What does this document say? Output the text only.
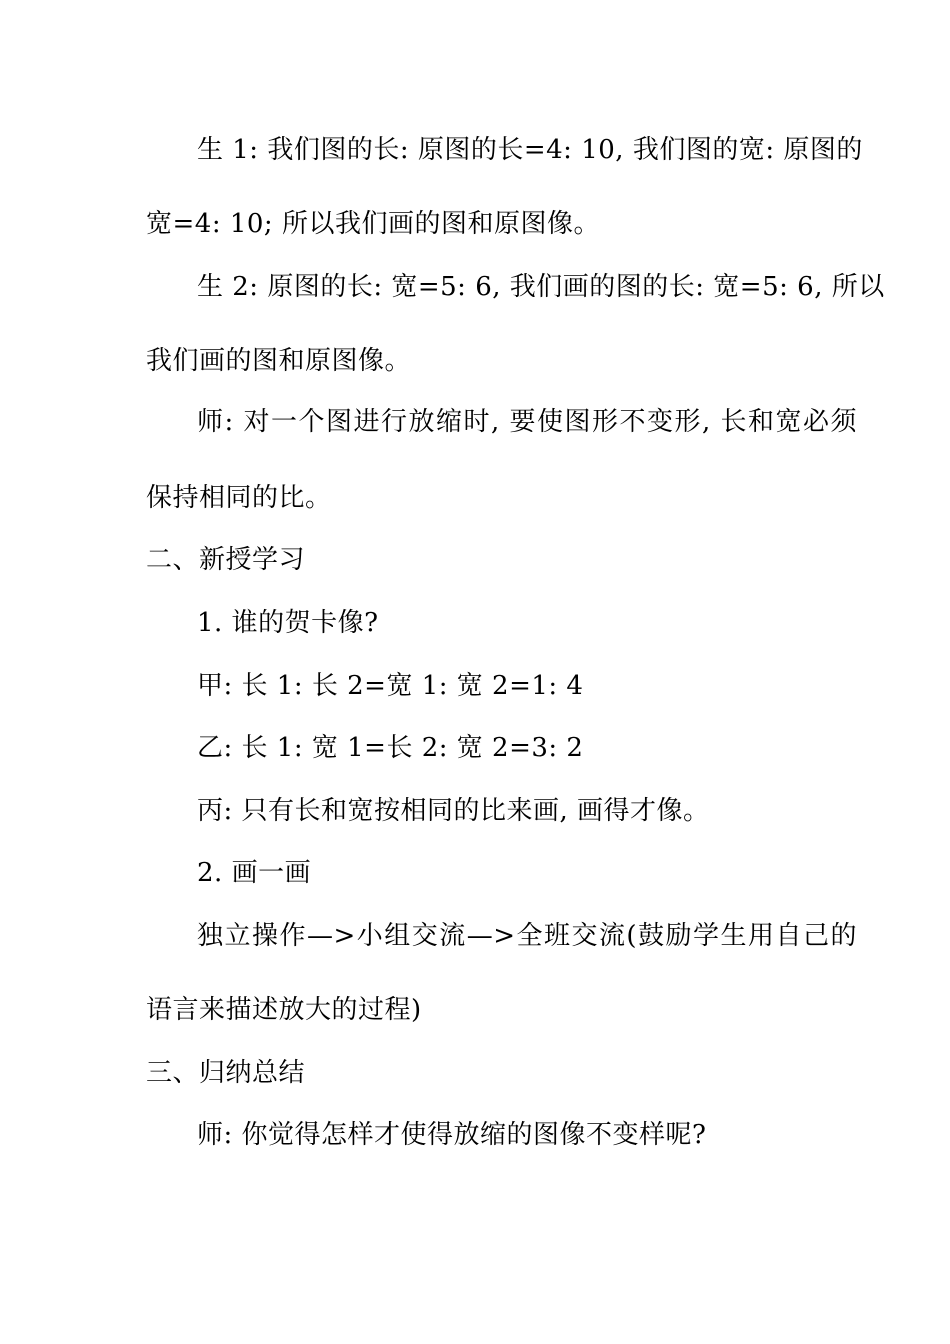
生 1: 我们图的长: 原图的长=4: 10, 我们图的宽: 原图的
宽=4: 10; 所以我们画的图和原图像。
生 2: 原图的长: 宽=5: 6, 我们画的图的长: 宽=5: 6, 所以
我们画的图和原图像。
师: 对一个图进行放缩时, 要使图形不变形, 长和宽必须
保持相同的比。
二、新授学习
1. 谁的贺卡像?
甲: 长 1: 长 2=宽 1: 宽 2=1: 4
乙: 长 1: 宽 1=长 2: 宽 2=3: 2
丙: 只有长和宽按相同的比来画, 画得才像。
2. 画一画
独立操作—>小组交流—>全班交流(鼓励学生用自己的
语言来描述放大的过程)
三、归纳总结
师: 你觉得怎样才使得放缩的图像不变样呢?
